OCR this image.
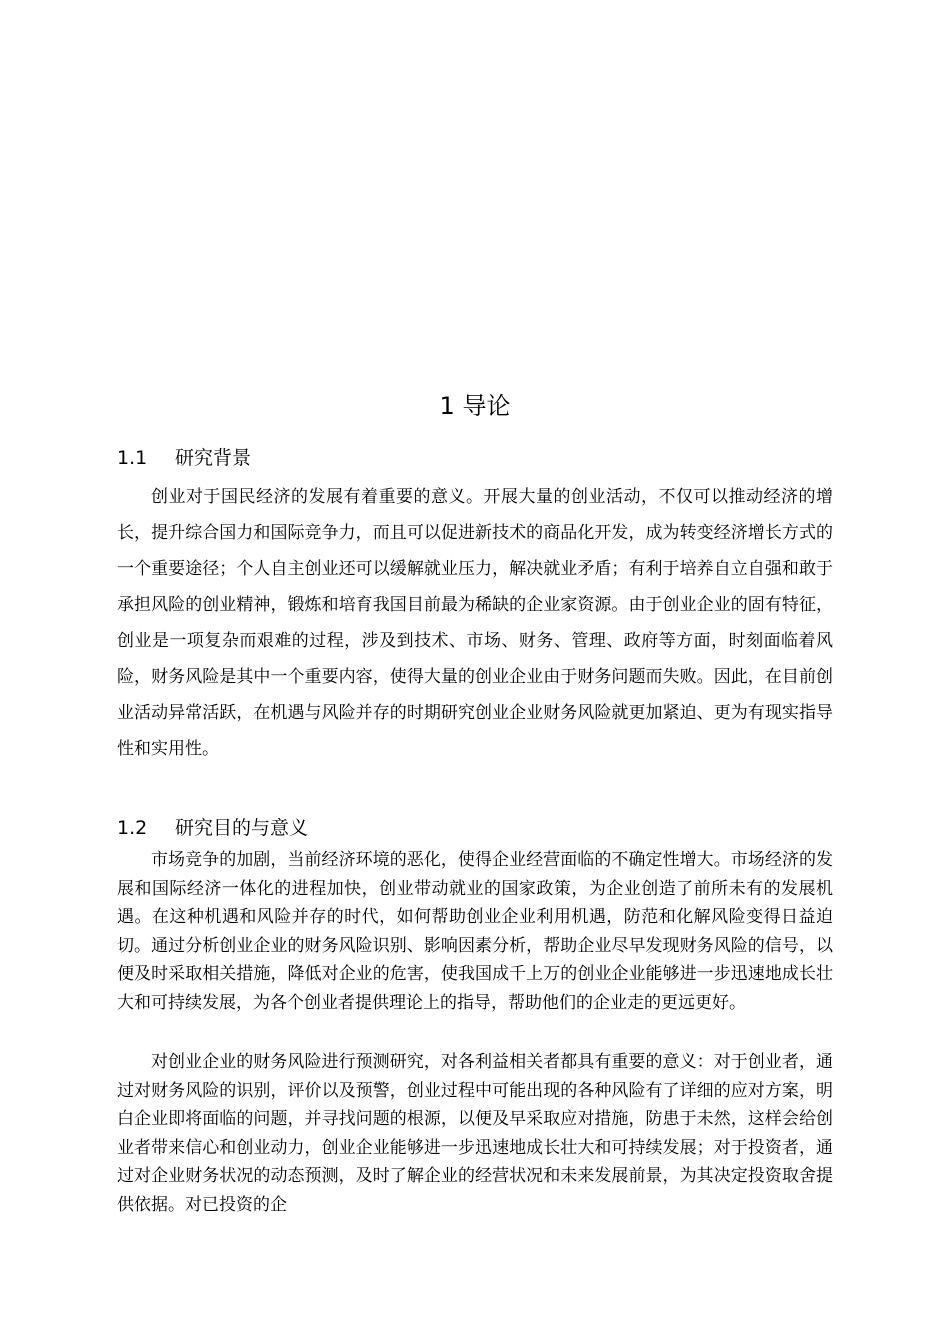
1 导论
1.1 研究背景

创业对于国民经济的发展有着重要的意义。开展大量的创业活动，不仅可以推动经济的增长，提升综合国力和国际竞争力，而且可以促进新技术的商品化开发，成为转变经济增长方式的一个重要途径；个人自主创业还可以缓解就业压力，解决就业矛盾；有利于培养自立自强和敢于承担风险的创业精神，锻炼和培育我国目前最为稀缺的企业家资源。由于创业企业的固有特征，创业是一项复杂而艰难的过程，涉及到技术、市场、财务、管理、政府等方面，时刻面临着风险，财务风险是其中一个重要内容，使得大量的创业企业由于财务问题而失败。因此，在目前创业活动异常活跃，在机遇与风险并存的时期研究创业企业财务风险就更加紧迫、更为有现实指导性和实用性。

1.2 研究目的与意义

市场竞争的加剧，当前经济环境的恶化，使得企业经营面临的不确定性增大。市场经济的发展和国际经济一体化的进程加快，创业带动就业的国家政策，为企业创造了前所未有的发展机遇。在这种机遇和风险并存的时代，如何帮助创业企业利用机遇，防范和化解风险变得日益迫切。通过分析创业企业的财务风险识别、影响因素分析，帮助企业尽早发现财务风险的信号，以便及时采取相关措施，降低对企业的危害，使我国成千上万的创业企业能够进一步迅速地成长壮大和可持续发展，为各个创业者提供理论上的指导，帮助他们的企业走的更远更好。

对创业企业的财务风险进行预测研究，对各利益相关者都具有重要的意义：对于创业者，通过对财务风险的识别，评价以及预警，创业过程中可能出现的各种风险有了详细的应对方案，明白企业即将面临的问题，并寻找问题的根源，以便及早采取应对措施，防患于未然，这样会给创业者带来信心和创业动力，创业企业能够进一步迅速地成长壮大和可持续发展；对于投资者，通过对企业财务状况的动态预测，及时了解企业的经营状况和未来发展前景，为其决定投资取舍提供依据。对已投资的企
